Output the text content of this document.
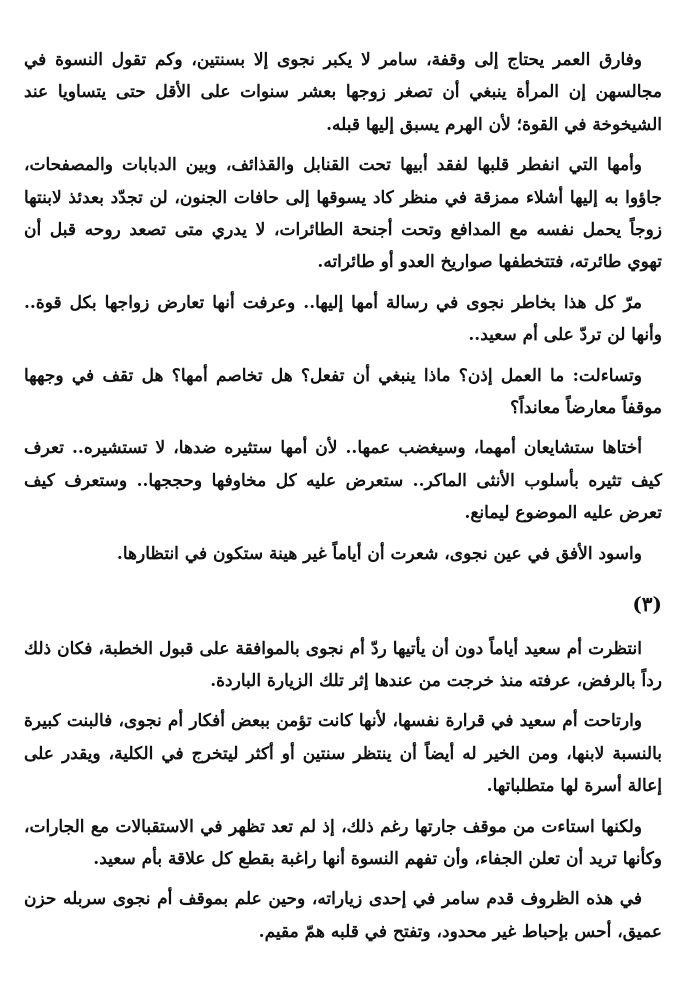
وفارق العمر يحتاج إلى وقفة، سامر لا يكبر نجوى إلا بسنتين، وكم تقول النسوة في مجالسهن إن المرأة ينبغي أن تصغر زوجها بعشر سنوات على الأقل حتى يتساويا عند الشيخوخة في القوة؛ لأن الهرم يسبق إليها قبله.

وأمها التي انفطر قلبها لفقد أبيها تحت القنابل والقذائف، وبين الدبابات والمصفحات، جاؤوا به إليها أشلاء ممزقة في منظر كاد يسوقها إلى حافات الجنون، لن تجدّد بعدئذ لابنتها زوجاً يحمل نفسه مع المدافع وتحت أجنحة الطائرات، لا يدري متى تصعد روحه قبل أن تهوي طائرته، فتتخطفها صواريخ العدو أو طائراته.

مرّ كل هذا بخاطر نجوى في رسالة أمها إليها.. وعرفت أنها تعارض زواجها بكل قوة.. وأنها لن تردّ على أم سعيد..

وتساءلت: ما العمل إذن؟ ماذا ينبغي أن تفعل؟ هل تخاصم أمها؟ هل تقف في وجهها موقفاً معارضاً معانداً؟

أختاها ستشايعان أمهما، وسيغضب عمها.. لأن أمها ستثيره ضدها، لا تستشيره.. تعرف كيف تثيره بأسلوب الأنثى الماكر.. ستعرض عليه كل مخاوفها وحججها.. وستعرف كيف تعرض عليه الموضوع ليمانع.

واسود الأفق في عين نجوى، شعرت أن أياماً غير هينة ستكون في انتظارها.

(٣)

انتظرت أم سعيد أياماً دون أن يأتيها ردّ أم نجوى بالموافقة على قبول الخطبة، فكان ذلك رداً بالرفض، عرفته منذ خرجت من عندها إثر تلك الزيارة الباردة.

وارتاحت أم سعيد في قرارة نفسها، لأنها كانت تؤمن ببعض أفكار أم نجوى، فالبنت كبيرة بالنسبة لابنها، ومن الخير له أيضاً أن ينتظر سنتين أو أكثر ليتخرج في الكلية، ويقدر على إعالة أسرة لها متطلباتها.

ولكنها استاءت من موقف جارتها رغم ذلك، إذ لم تعد تظهر في الاستقبالات مع الجارات، وكأنها تريد أن تعلن الجفاء، وأن تفهم النسوة أنها راغبة بقطع كل علاقة بأم سعيد.

في هذه الظروف قدم سامر في إحدى زياراته، وحين علم بموقف أم نجوى سربله حزن عميق، أحس بإحباط غير محدود، وتفتح في قلبه همّ مقيم.
